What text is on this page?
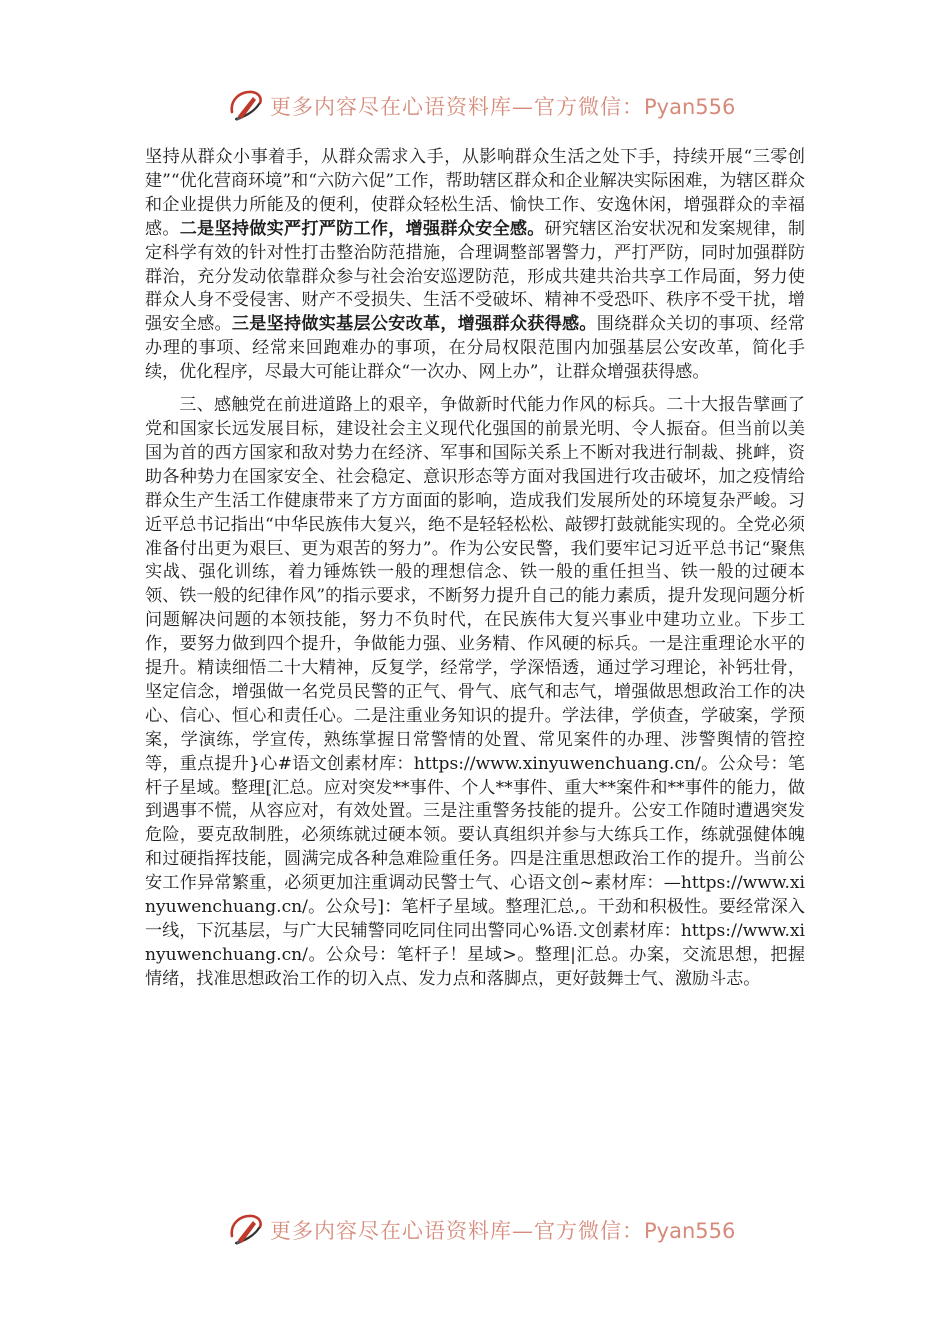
更多内容尽在心语资料库—官方微信：Pyan556

坚持从群众小事着手，从群众需求入手，从影响群众生活之处下手，持续开展“三零创建”“优化营商环境”和“六防六促”工作，帮助辖区群众和企业解决实际困难，为辖区群众和企业提供力所能及的便利，使群众轻松生活、愉快工作、安逸休闲，增强群众的幸福感。二是坚持做实严打严防工作，增强群众安全感。研究辖区治安状况和发案规律，制定科学有效的针对性打击整治防范措施，合理调整部署警力，严打严防，同时加强群防群治，充分发动依靠群众参与社会治安巡逻防范，形成共建共治共享工作局面，努力使群众人身不受侵害、财产不受损失、生活不受破坏、精神不受恐吓、秩序不受干扰，增强安全感。三是坚持做实基层公安改革，增强群众获得感。围绕群众关切的事项、经常办理的事项、经常来回跑难办的事项，在分局权限范围内加强基层公安改革，简化手续，优化程序，尽最大可能让群众“一次办、网上办”，让群众增强获得感。

三、感触党在前进道路上的艰辛，争做新时代能力作风的标兵。二十大报告擘画了党和国家长远发展目标，建设社会主义现代化强国的前景光明、令人振奋。但当前以美国为首的西方国家和敌对势力在经济、军事和国际关系上不断对我进行制裁、挑衅，资助各种势力在国家安全、社会稳定、意识形态等方面对我国进行攻击破坏，加之疫情给群众生产生活工作健康带来了方方面面的影响，造成我们发展所处的环境复杂严峻。习近平总书记指出“中华民族伟大复兴，绝不是轻轻松松、敲锣打鼓就能实现的。全党必须准备付出更为艰巨、更为艰苦的努力”。作为公安民警，我们要牢记习近平总书记“聚焦实战、强化训练，着力锤炼铁一般的理想信念、铁一般的重任担当、铁一般的过硬本领、铁一般的纪律作风”的指示要求，不断努力提升自己的能力素质，提升发现问题分析问题解决问题的本领技能，努力不负时代，在民族伟大复兴事业中建功立业。下步工作，要努力做到四个提升，争做能力强、业务精、作风硬的标兵。一是注重理论水平的提升。精读细悟二十大精神，反复学，经常学，学深悟透，通过学习理论，补钙壮骨，坚定信念，增强做一名党员民警的正气、骨气、底气和志气，增强做思想政治工作的决心、信心、恒心和责任心。二是注重业务知识的提升。学法律，学侦查，学破案，学预案，学演练，学宣传，熟练掌握日常警情的处置、常见案件的办理、涉警舆情的管控等，重点提升}心#语文创素材库：https://www.xinyuwenchuang.cn/。公众号：笔杆子星域。整理[汇总。应对突发**事件、个人**事件、重大**案件和**事件的能力，做到遇事不慌，从容应对，有效处置。三是注重警务技能的提升。公安工作随时遭遇突发危险，要克敌制胜，必须练就过硬本领。要认真组织并参与大练兵工作，练就强健体魄和过硬指挥技能，圆满完成各种急难险重任务。四是注重思想政治工作的提升。当前公安工作异常繁重，必须更加注重调动民警士气、心语文创~素材库：—https://www.xinyuwenchuang.cn/。公众号]：笔杆子星域。整理汇总,。干劲和积极性。要经常深入一线，下沉基层，与广大民辅警同吃同住同出警同心%语.文创素材库：https://www.xinyuwenchuang.cn/。公众号：笔杆子！星域>。整理|汇总。办案，交流思想，把握情绪，找准思想政治工作的切入点、发力点和落脚点，更好鼓舞士气、激励斗志。

更多内容尽在心语资料库—官方微信：Pyan556
